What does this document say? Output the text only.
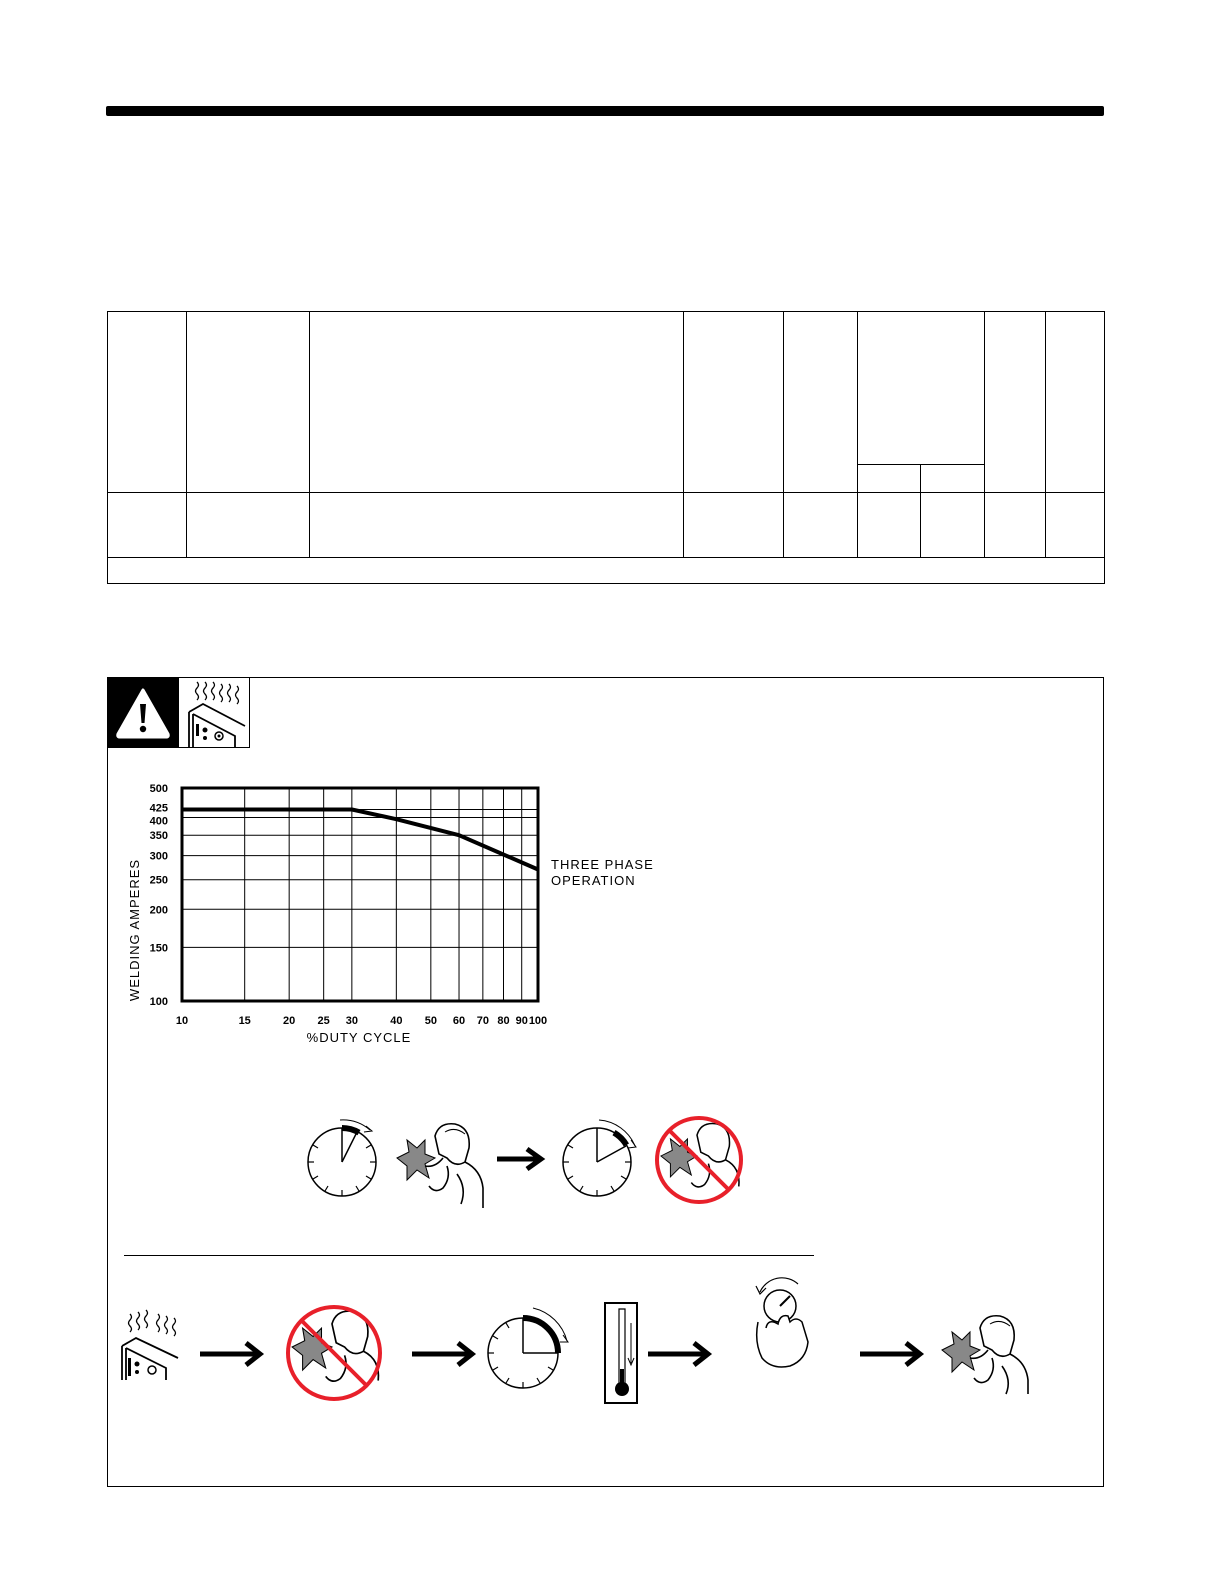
100
150
200
250
300
350
400
425
500
10	15	20 25 30	40 50 60 70 80 90 100
WELDING AMPERES
%DUTY CYCLE
THREE PHASE
OPERATION
